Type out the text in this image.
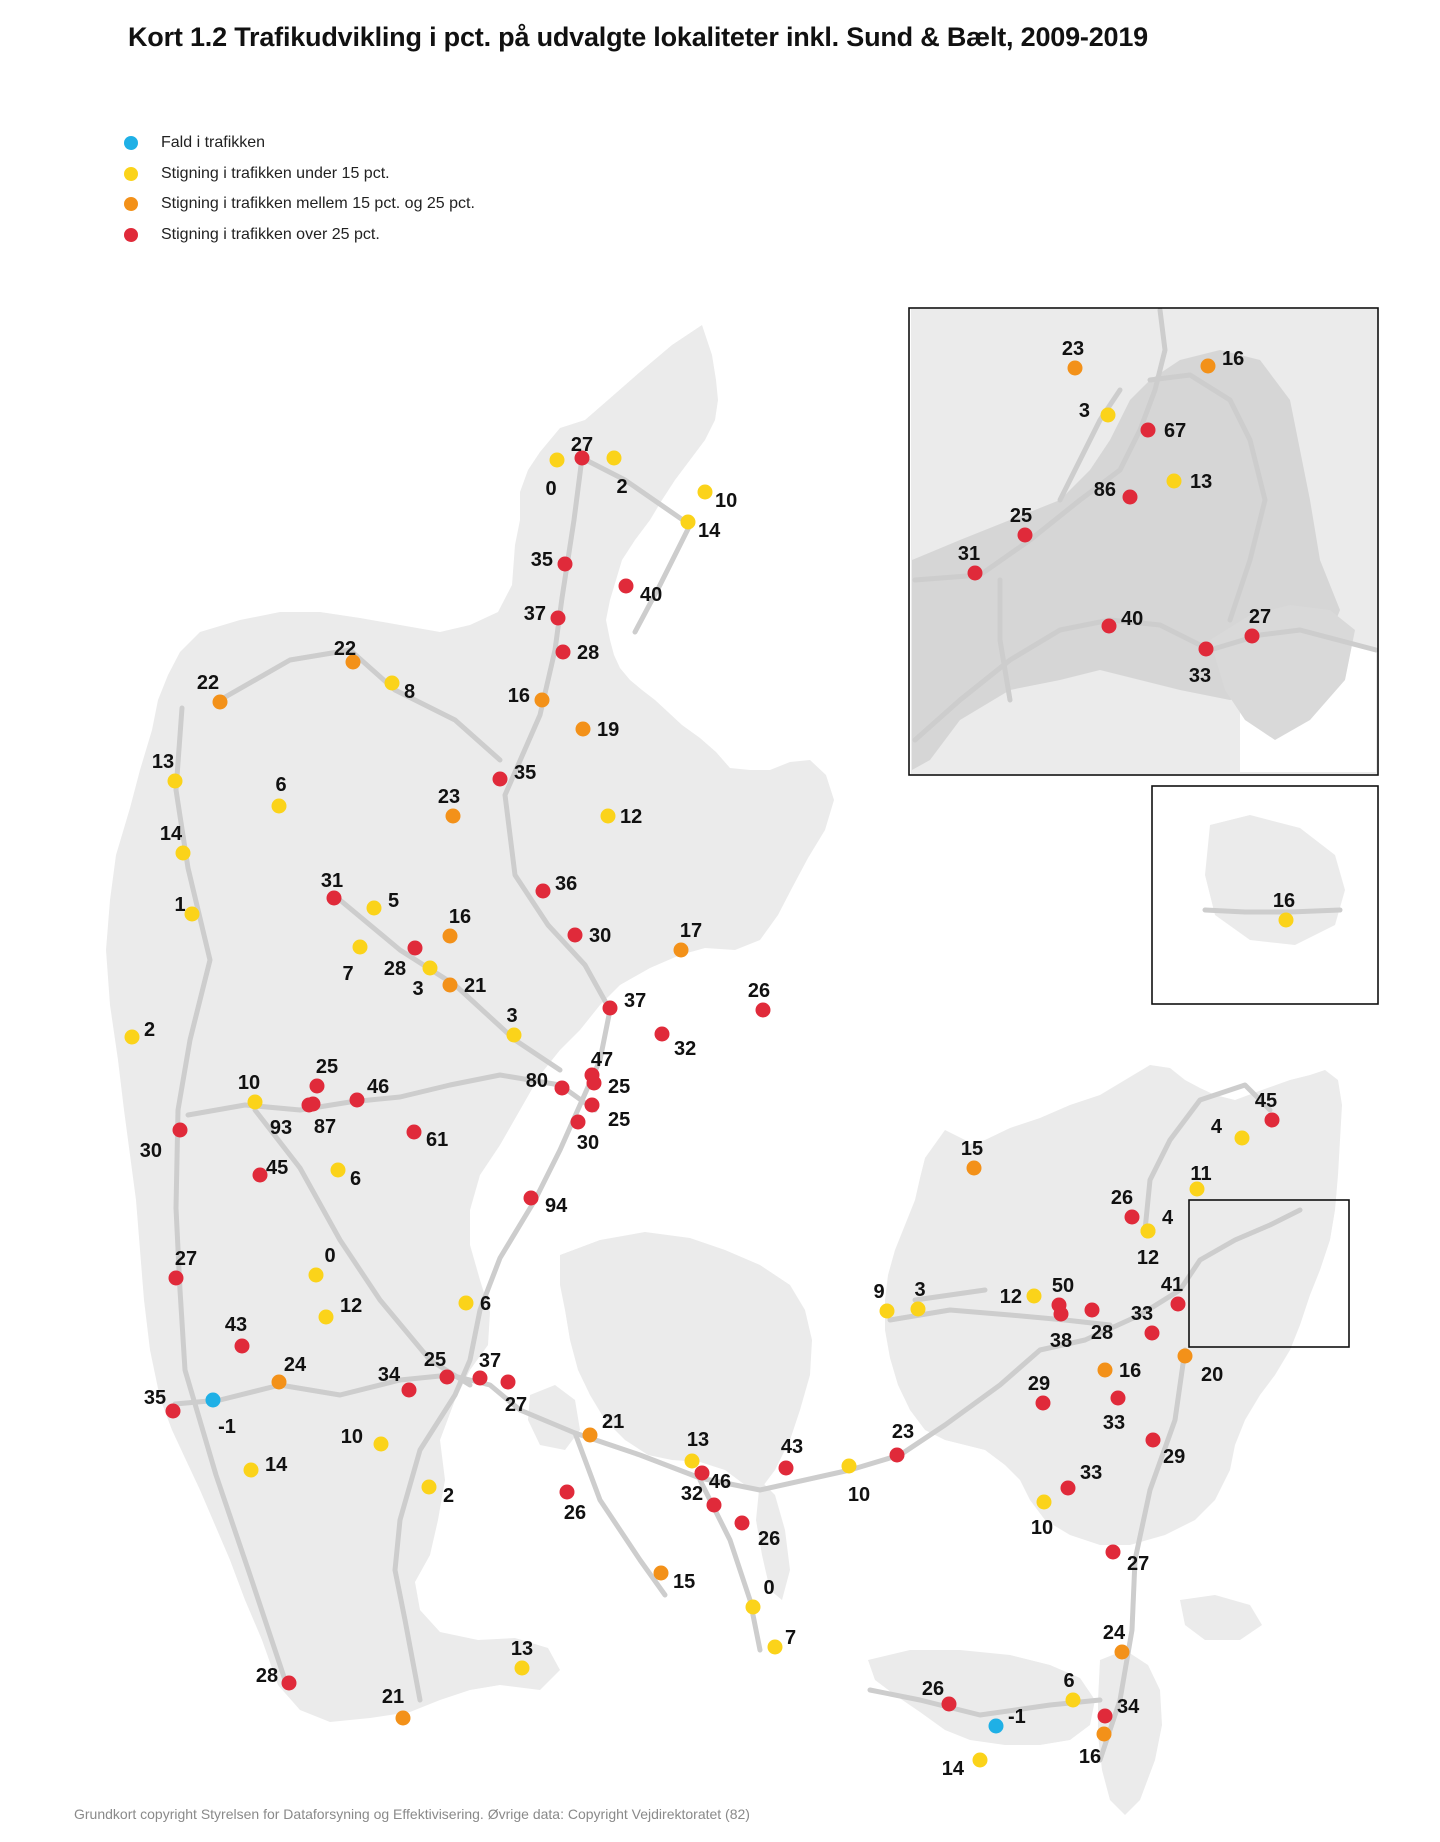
Kort 1.2 Trafikudvikling i pct. på udvalgte lokaliteter inkl. Sund & Bælt, 2009-2019
Fald i trafikken
Stigning i trafikken under 15 pct.
Stigning i trafikken mellem 15 pct. og 25 pct.
Stigning i trafikken over 25 pct.
27
0	2
10
14
35
40
37
28
22
8	16
19
22
13
6
14
1
35
23
12
31
5
36
16
30	17
7 28
3 21
37	26
3
32
2
47
80	25
25
30
30
10
25
46
93 87
61
45	6
94
27	0
12	6
43
24	25 37
34
27
35
-1	10
14
2
28
13
21
21
26
13
32
46
43
26
15	0
7
10
23
15
45
4
11
26
4
12
9 3	12 50
38 28
41
33
16	20
29
33
29
33
10
27
24
26
-1
14
6
34
16
23	16
3
67
86	13
25
31
40	27
33
16
Grundkort copyright Styrelsen for Dataforsyning og Effektivisering. Øvrige data: Copyright Vejdirektoratet (82)
